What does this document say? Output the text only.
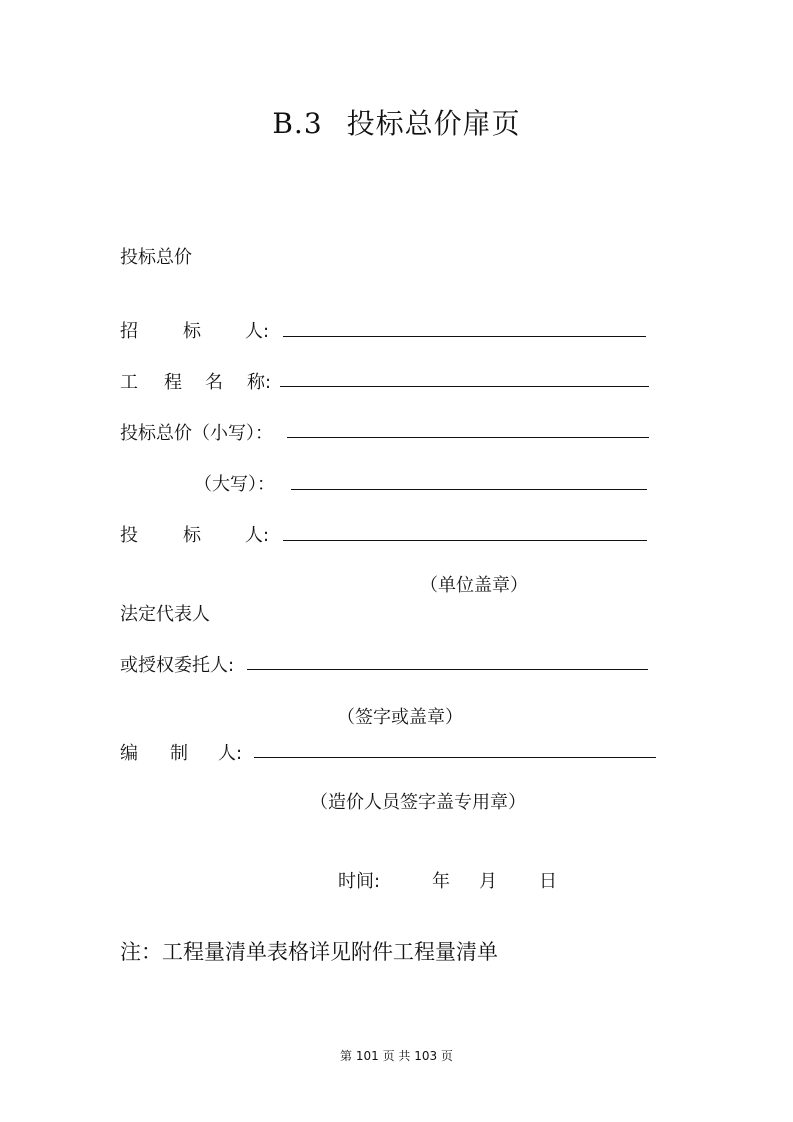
B.3 投标总价扉页
投标总价
招	标 人:
工 程 名 称:
投标总价（小写）：
（大写）：
投	标 人:
（单位盖章）
法定代表人
或授权委托人:
（签字或盖章）
编 制 人:
（造价人员签字盖专用章）
时间:	年 月 日
注：工程量清单表格详见附件工程量清单
第 101 页 共 103 页
